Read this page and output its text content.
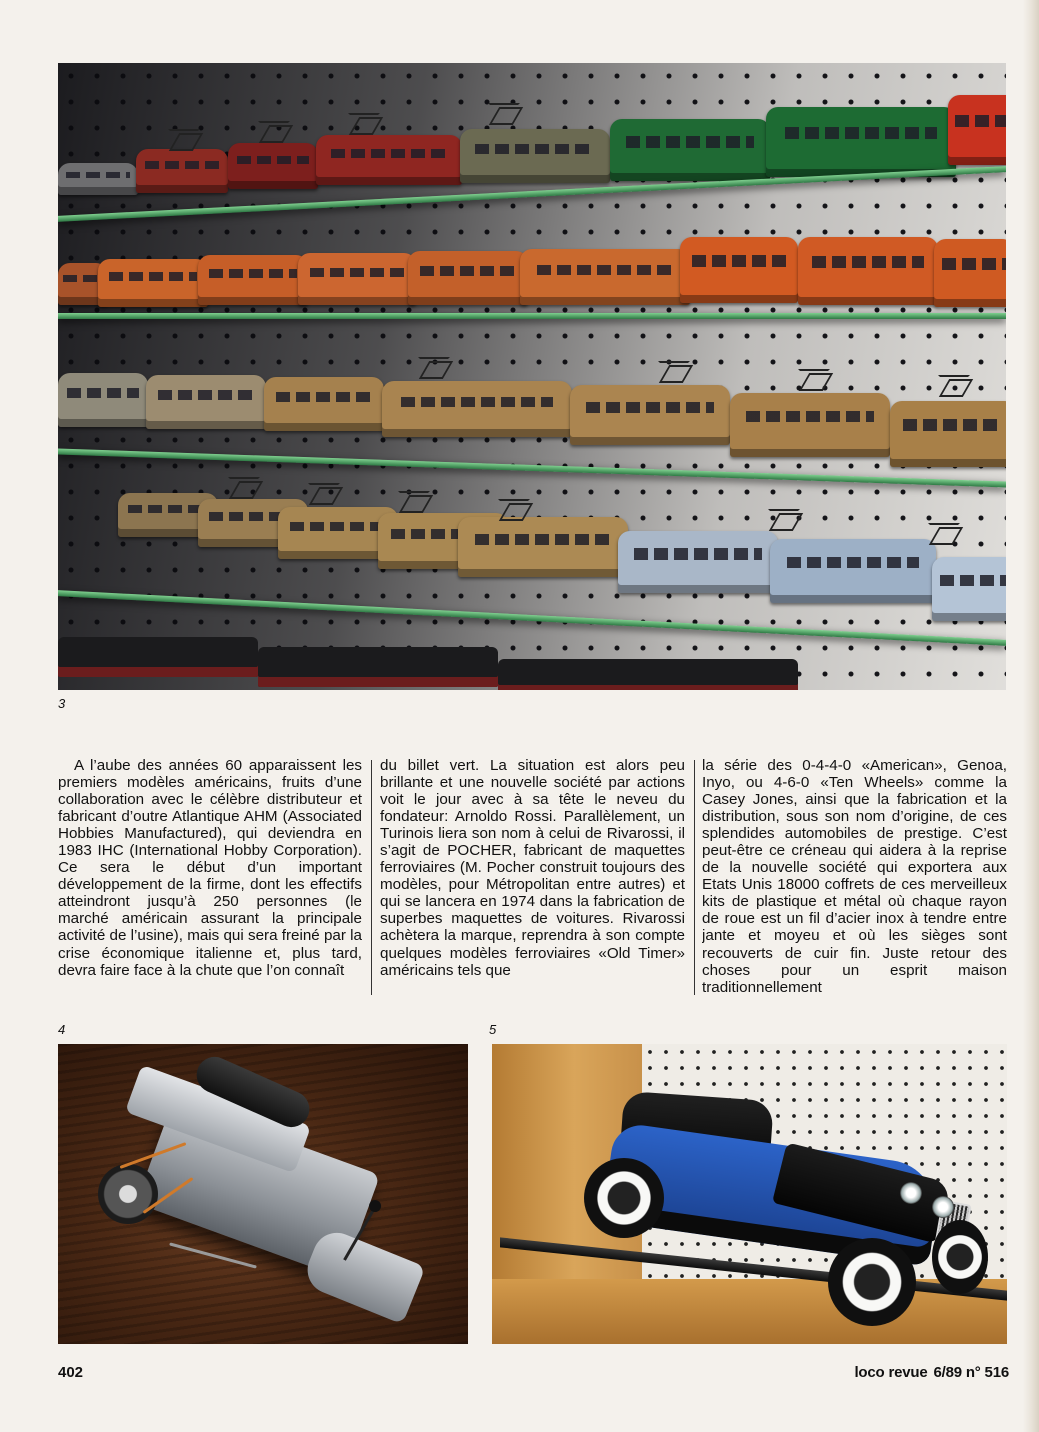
3
A l’aube des années 60 apparaissent les premiers modèles américains, fruits d’une collaboration avec le célèbre distributeur et fabricant d’outre Atlantique AHM (Associated Hobbies Manufactured), qui deviendra en 1983 IHC (International Hobby Corporation). Ce sera le début d’un important développement de la firme, dont les effectifs atteindront jusqu’à 250 personnes (le marché américain assurant la principale activité de l’usine), mais qui sera freiné par la crise économique italienne et, plus tard, devra faire face à la chute que l’on connaît
du billet vert. La situation est alors peu brillante et une nouvelle société par actions voit le jour avec à sa tête le neveu du fondateur: Arnoldo Rossi. Parallèlement, un Turinois liera son nom à celui de Rivarossi, il s’agit de POCHER, fabricant de maquettes ferroviaires (M. Pocher construit toujours des modèles, pour Métropolitan entre autres) et qui se lancera en 1974 dans la fabrication de superbes maquettes de voitures. Rivarossi achètera la marque, reprendra à son compte quelques modèles ferroviaires «Old Timer» américains tels que
la série des 0-4-4-0 «American», Genoa, Inyo, ou 4-6-0 «Ten Wheels» comme la Casey Jones, ainsi que la fabrication et la distribution, sous son nom d’origine, de ces splendides automobiles de prestige. C’est peut-être ce créneau qui aidera à la reprise de la nouvelle société qui exportera aux Etats Unis 18000 coffrets de ces merveilleux kits de plastique et métal où chaque rayon de roue est un fil d’acier inox à tendre entre jante et moyeu et où les sièges sont recouverts de cuir fin. Juste retour des choses pour un esprit maison traditionnellement
4	5
402	loco revue 6/89 n° 516
